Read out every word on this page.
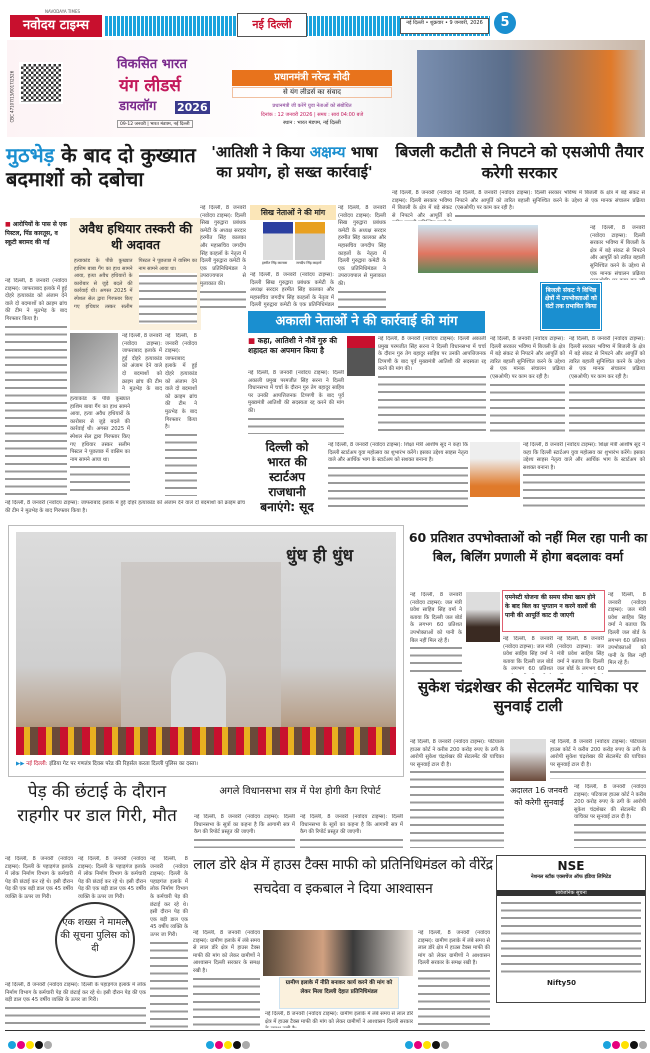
NAVODAYA TIMES
नवोदय टाइम्स	नई दिल्ली	नई दिल्ली • शुक्रवार • 9 जनवरी, 2026	5
CBC 47107/13/0017/2526
विकसित भारत
यंग लीडर्स
डायलॉग 2026
09-12 जनवरी | भारत मंडपम, नई दिल्ली
प्रधानमंत्री नरेन्द्र मोदी
से यंग लीडर्स का संवाद
प्रधानमंत्री जी करेंगे युवा नेताओं को संबोधित
दिनांक : 12 जनवरी 2026 | समय : सायं 04:00 बजे
स्थान : भारत मंडपम, नई दिल्ली
मुठभेड़ के बाद दो कुख्यात बदमाशों को दबोचा
■ आरोपियों के पास से एक पिस्टल, पिंड कारतूस, व स्कूटी बरामद की गई
अवैध हथियार तस्करी की थी अदावत
हत्याकांड के पीछे कुख्यात हाशिम बाबा गैंग का हाथ सामने आया, हत्या अवैध हथियारों के कारोबार से जुड़े बदले की कार्रवाई थी। अगस्त 2025 में स्पेशल सेल द्वारा गिरफ्तार किए गए हथियार तस्कर सलीम पिस्टल ने पूछताछ में वासिम का नाम सामने आया था।
नई दिल्ली, 8 जनवरी (नवोदय टाइम्स): जाफराबाद इलाके में हुई दोहरे हत्याकांड को अंजाम देने वाले दो बदमाशों को क्राइम ब्रांच की टीम ने मुठभेड़ के बाद गिरफ्तार किया है।
नई दिल्ली, 8 जनवरी (नवोदय टाइम्स): जाफराबाद इलाके में हुई दोहरे हत्याकांड को अंजाम देने वाले दो बदमाशों को क्राइम ब्रांच की टीम ने मुठभेड़ के बाद
हत्याकांड के पीछे कुख्यात हाशिम बाबा गैंग का हाथ सामने आया, हत्या अवैध हथियारों के कारोबार से जुड़े बदले की कार्रवाई थी। अगस्त 2025 में स्पेशल सेल द्वारा गिरफ्तार किए गए हथियार तस्कर सलीम पिस्टल ने पूछताछ में वासिम का नाम सामने आया था।
नई दिल्ली, 8 जनवरी (नवोदय टाइम्स): जाफराबाद इलाके में हुई दोहरे हत्याकांड को अंजाम देने वाले दो बदमाशों को क्राइम ब्रांच की टीम ने मुठभेड़ के बाद गिरफ्तार किया है।
'आतिशी ने किया अक्षम्य भाषा का प्रयोग, हो सख्त कार्रवाई'
सिख नेताओं ने की मांग
हरमीत सिंह कालका	जगदीप सिंह काहलों
नई दिल्ली, 8 जनवरी (नवोदय टाइम्स): दिल्ली सिख गुरुद्वारा प्रबंधक कमेटी के अध्यक्ष सरदार हरमीत सिंह कालका और महासचिव जगदीप सिंह काहलों के नेतृत्व में दिल्ली गुरुद्वारा कमेटी के एक प्रतिनिधिमंडल ने उपराज्यपाल से मुलाकात की।
नई दिल्ली, 8 जनवरी (नवोदय टाइम्स): दिल्ली सिख गुरुद्वारा प्रबंधक कमेटी के अध्यक्ष सरदार हरमीत सिंह कालका और महासचिव जगदीप सिंह काहलों के नेतृत्व में दिल्ली गुरुद्वारा कमेटी के एक प्रतिनिधिमंडल
नई दिल्ली, 8 जनवरी (नवोदय टाइम्स): दिल्ली सिख गुरुद्वारा प्रबंधक कमेटी के अध्यक्ष सरदार हरमीत सिंह कालका और महासचिव जगदीप सिंह काहलों के नेतृत्व में दिल्ली गुरुद्वारा कमेटी के एक प्रतिनिधिमंडल ने उपराज्यपाल से मुलाकात की।
बिजली कटौती से निपटने को एसओपी तैयार करेगी सरकार
नई दिल्ली, 8 जनवरी (नवोदय टाइम्स): दिल्ली सरकार भविष्य में बिजली के क्षेत्र में बड़े संकट से निपटने और आपूर्ति को
नई दिल्ली, 8 जनवरी (नवोदय टाइम्स): दिल्ली सरकार भविष्य में बिजली के क्षेत्र में बड़े संकट से निपटने और आपूर्ति को त्वरित बहाली सुनिश्चित करने के उद्देश्य से एक मानक संचालन प्रक्रिया (एसओपी) पर काम कर रही है।
बिजली संकट ने विभिन्न क्षेत्रों में उपभोक्ताओं को घंटों तक प्रभावित किया
नई दिल्ली, 8 जनवरी (नवोदय टाइम्स): दिल्ली सरकार भविष्य में बिजली के क्षेत्र में बड़े संकट से निपटने और आपूर्ति को त्वरित बहाली सुनिश्चित करने के उद्देश्य से एक मानक संचालन प्रक्रिया
नई दिल्ली, 8 जनवरी (नवोदय टाइम्स): दिल्ली सरकार भविष्य में बिजली के क्षेत्र में बड़े संकट से निपटने और आपूर्ति को त्वरित बहाली सुनिश्चित करने के उद्देश्य से एक मानक संचालन प्रक्रिया (एसओपी) पर काम कर रही है।
नई दिल्ली, 8 जनवरी (नवोदय टाइम्स): दिल्ली सरकार भविष्य में बिजली के क्षेत्र में बड़े संकट से निपटने और आपूर्ति को त्वरित बहाली सुनिश्चित करने के उद्देश्य से एक मानक संचालन प्रक्रिया (एसओपी) पर काम कर रही है।
अकाली नेताओं ने की कार्रवाई की मांग
■ कहा, आतिशी ने नौवें गुरु की शहादत का अपमान किया है
नई दिल्ली, 8 जनवरी (नवोदय टाइम्स): दिल्ली अकाली प्रमुख परमजीत सिंह सरना ने दिल्ली विधानसभा में चर्चा के दौरान गुरु तेग बहादुर साहिब पर उनकी आपत्तिजनक टिप्पणी के बाद पूर्व मुख्यमंत्री आतिशी की सदस्यता रद्द करने की मांग की।
नई दिल्ली, 8 जनवरी (नवोदय टाइम्स): दिल्ली अकाली प्रमुख परमजीत सिंह सरना ने दिल्ली विधानसभा में चर्चा के दौरान गुरु तेग बहादुर साहिब पर उनकी आपत्तिजनक टिप्पणी के बाद पूर्व मुख्यमंत्री आतिशी की सदस्यता रद्द करने की मांग की।
दिल्ली को भारत की स्टार्टअप राजधानी बनाएंगे: सूद
नई दिल्ली, 8 जनवरी (नवोदय टाइम्स): शिक्षा मंत्री आशीष सूद ने कहा कि दिल्ली स्टार्टअप युवा महोत्सव का शुभारंभ करेंगे। इसका उद्देश्य साहस नेतृत्व वाले और आर्थिक भाग के स्टार्टअप को सशक्त बनाना है।
नई दिल्ली, 8 जनवरी (नवोदय टाइम्स): शिक्षा मंत्री आशीष सूद ने कहा कि दिल्ली स्टार्टअप युवा महोत्सव का शुभारंभ करेंगे। इसका उद्देश्य साहस नेतृत्व वाले और आर्थिक भाग के स्टार्टअप को सशक्त बनाना है।
नई दिल्ली, 8 जनवरी (नवोदय टाइम्स): जाफराबाद इलाके में हुई दोहरे हत्याकांड को अंजाम देने वाले दो बदमाशों को क्राइम ब्रांच की टीम ने मुठभेड़ के बाद गिरफ्तार किया है।
धुंध ही धुंध
▶▶ नई दिल्ली: इंडिया गेट पर गणतंत्र दिवस परेड की रिहर्सल करता दिल्ली पुलिस का दस्ता।
60 प्रतिशत उपभोक्ताओं को नहीं मिल रहा पानी का बिल, बिलिंग प्रणाली में होगा बदलावः वर्मा
नई दिल्ली, 8 जनवरी (नवोदय टाइम्स): जल मंत्री प्रवेश साहिब सिंह वर्मा ने बताया कि दिल्ली जल बोर्ड के लगभग 60 प्रतिशत उपभोक्ताओं को पानी के बिल नहीं मिल रहे हैं।
एमनेस्टी योजना की समय सीमा खत्म होने के बाद बिल का भुगतान न करने वालों की पानी की आपूर्ति काट दी जाएगी
नई दिल्ली, 8 जनवरी (नवोदय टाइम्स): जल मंत्री प्रवेश साहिब सिंह वर्मा ने बताया कि दिल्ली जल बोर्ड के लगभग 60 प्रतिशत
नई दिल्ली, 8 जनवरी (नवोदय टाइम्स): जल मंत्री प्रवेश साहिब सिंह वर्मा ने बताया कि दिल्ली जल बोर्ड के लगभग 60
नई दिल्ली, 8 जनवरी (नवोदय टाइम्स): जल मंत्री प्रवेश साहिब सिंह वर्मा ने बताया कि दिल्ली जल बोर्ड के लगभग 60 प्रतिशत उपभोक्ताओं को पानी के बिल नहीं मिल रहे हैं।
सुकेश चंद्रशेखर की सेटलमेंट याचिका पर सुनवाई टाली
नई दिल्ली, 8 जनवरी (नवोदय टाइम्स): पटियाला हाउस कोर्ट ने करीब 200 करोड़ रुपए के ठगी के आरोपी सुकेश चंद्रशेखर की सेटलमेंट की याचिका पर सुनवाई टाल दी है।
अदालत 16 जनवरी को करेगी सुनवाई
नई दिल्ली, 8 जनवरी (नवोदय टाइम्स): पटियाला हाउस कोर्ट ने करीब 200 करोड़ रुपए के ठगी के आरोपी सुकेश चंद्रशेखर की सेटलमेंट की याचिका पर सुनवाई टाल दी है।
नई दिल्ली, 8 जनवरी (नवोदय टाइम्स): पटियाला हाउस कोर्ट ने करीब 200 करोड़ रुपए के ठगी के आरोपी सुकेश चंद्रशेखर की सेटलमेंट की याचिका पर सुनवाई टाल दी है।
पेड़ की छंटाई के दौरान राहगीर पर डाल गिरी, मौत
नई दिल्ली, 8 जनवरी (नवोदय टाइम्स): दिल्ली के पहाड़गंज इलाके में लोक निर्माण विभाग के कर्मचारी पेड़ की छंटाई कर रहे थे। इसी दौरान पेड़ की एक बड़ी डाल एक 45 वर्षीय व्यक्ति के ऊपर जा गिरी।
नई दिल्ली, 8 जनवरी (नवोदय टाइम्स): दिल्ली के पहाड़गंज इलाके में लोक निर्माण विभाग के कर्मचारी पेड़ की छंटाई कर रहे थे। इसी दौरान पेड़ की एक बड़ी डाल एक 45 वर्षीय व्यक्ति के ऊपर जा गिरी।
नई दिल्ली, 8 जनवरी (नवोदय टाइम्स): दिल्ली के पहाड़गंज इलाके में लोक निर्माण विभाग के कर्मचारी पेड़ की छंटाई कर रहे थे। इसी दौरान पेड़ की एक बड़ी डाल एक 45 वर्षीय व्यक्ति के ऊपर जा गिरी।
नई दिल्ली, 8 जनवरी (नवोदय टाइम्स): दिल्ली के पहाड़गंज इलाके में लोक निर्माण विभाग के कर्मचारी पेड़ की छंटाई कर रहे थे। इसी दौरान पेड़ की एक बड़ी डाल एक 45 वर्षीय व्यक्ति के ऊपर जा गिरी।
एक शख्स ने मामले की सूचना पुलिस को दी
अगले विधानसभा सत्र में पेश होगी कैग रिपोर्ट
नई दिल्ली, 8 जनवरी (नवोदय टाइम्स): दिल्ली विधानसभा के सूत्रों का कहना है कि आगामी सत्र में कैग की रिपोर्ट प्रस्तुत की जाएगी।
नई दिल्ली, 8 जनवरी (नवोदय टाइम्स): दिल्ली विधानसभा के सूत्रों का कहना है कि आगामी सत्र में कैग की रिपोर्ट प्रस्तुत की जाएगी।
लाल डोरे क्षेत्र में हाउस टैक्स माफी को प्रतिनिधिमंडल को वीरेंद्र सचदेवा व इकबाल ने दिया आश्वासन
नई दिल्ली, 8 जनवरी (नवोदय टाइम्स): ग्रामीण इलाके में लंबे समय से लाल डोरे क्षेत्र में हाउस टैक्स माफी की मांग को लेकर ग्रामीणों ने आश्वासन दिल्ली सरकार के समक्ष रखी है।
ग्रामीण इलाके में नीति बनाकर कार्य करने की मांग को लेकर मिला दिल्ली देहात प्रतिनिधिमंडल
नई दिल्ली, 8 जनवरी (नवोदय टाइम्स): ग्रामीण इलाके में लंबे समय से लाल डोरे क्षेत्र में हाउस टैक्स माफी की मांग को लेकर ग्रामीणों ने आश्वासन दिल्ली सरकार
नई दिल्ली, 8 जनवरी (नवोदय टाइम्स): ग्रामीण इलाके में लंबे समय से लाल डोरे क्षेत्र में हाउस टैक्स माफी की मांग को लेकर ग्रामीणों ने आश्वासन दिल्ली सरकार के समक्ष रखी है।
NSE
नेशनल स्टॉक एक्सचेंज ऑफ इंडिया लिमिटेड
सार्वजनिक सूचना
Nifty50
